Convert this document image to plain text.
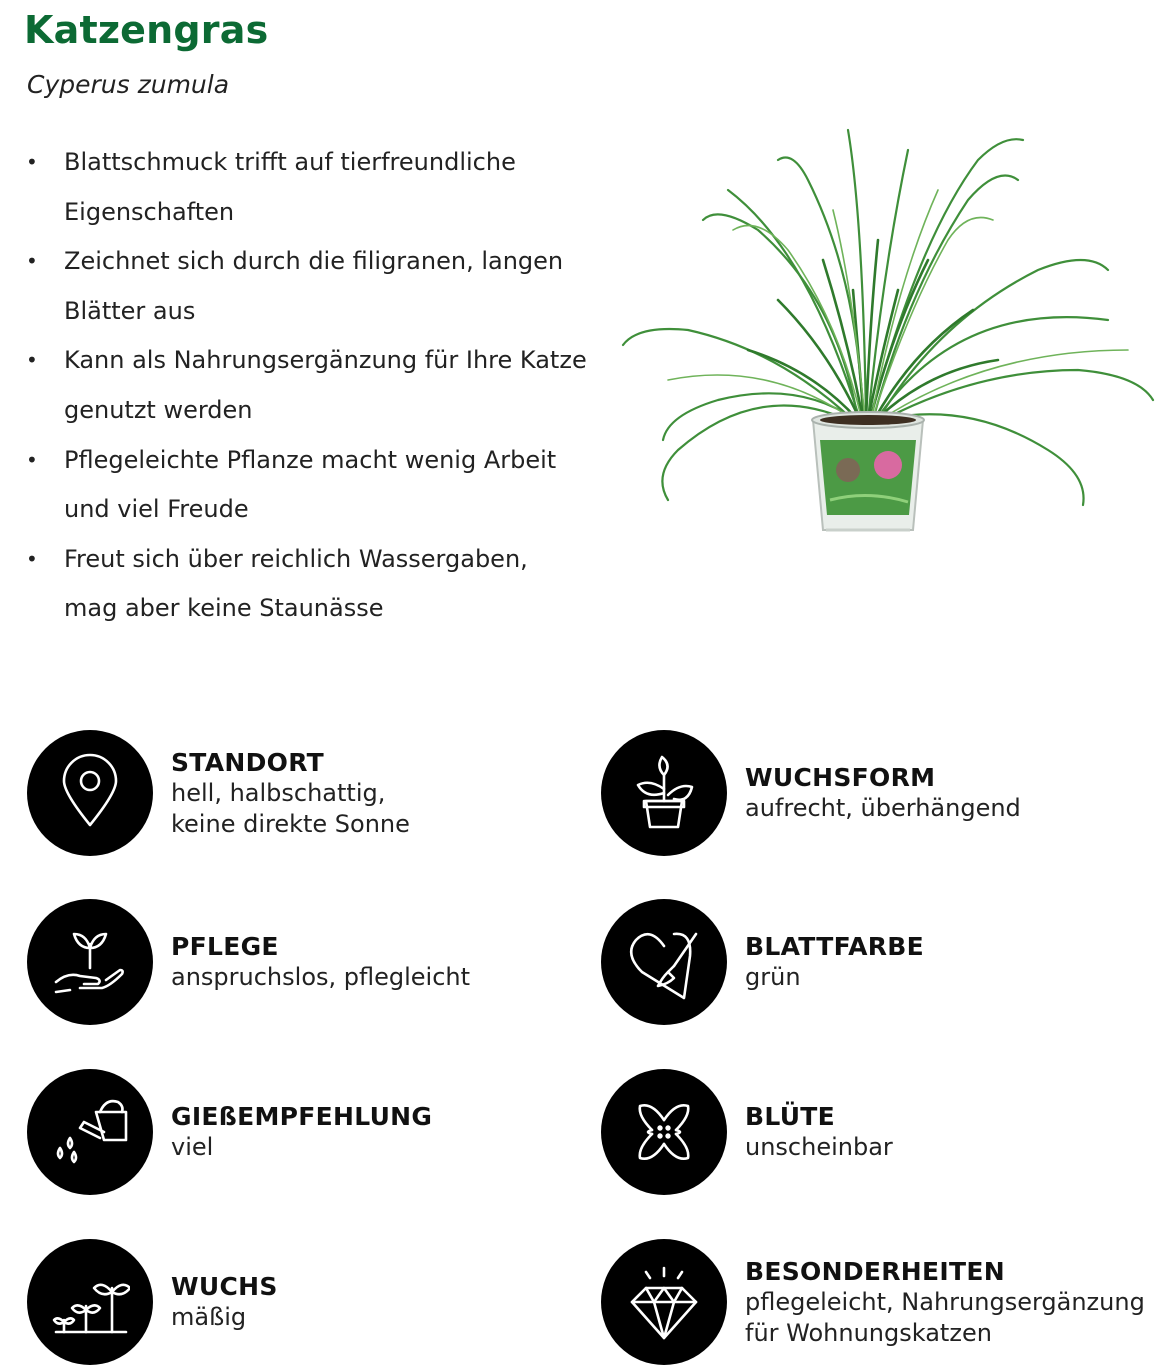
Katzengras
Cyperus zumula
• Blattschmuck trifft auf tierfreundliche
Eigenschaften
• Zeichnet sich durch die filigranen, langen
Blätter aus
• Kann als Nahrungsergänzung für Ihre Katze
genutzt werden
• Pflegeleichte Pflanze macht wenig Arbeit
und viel Freude
• Freut sich über reichlich Wassergaben,
mag aber keine Staunässe
STANDORT
hell, halbschattig,
keine direkte Sonne
WUCHSFORM
aufrecht, überhängend
PFLEGE
anspruchslos, pflegleicht
BLATTFARBE
grün
GIEßEMPFEHLUNG
viel
BLÜTE
unscheinbar
WUCHS
mäßig
BESONDERHEITEN
pflegeleicht, Nahrungsergänzung
für Wohnungskatzen
